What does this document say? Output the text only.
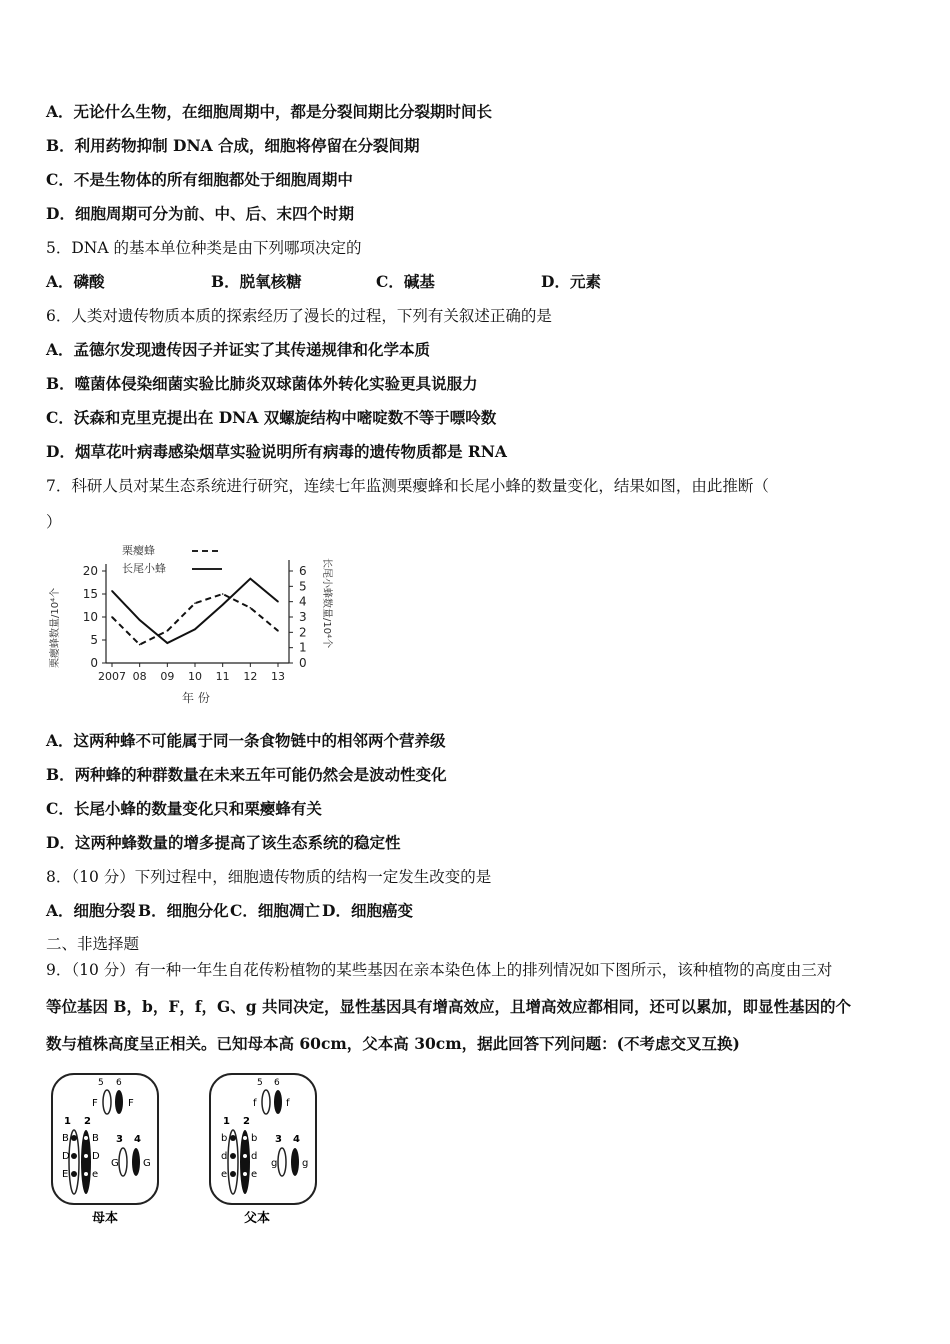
A．无论什么生物，在细胞周期中，都是分裂间期比分裂期时间长
B．利用药物抑制 DNA 合成，细胞将停留在分裂间期
C．不是生物体的所有细胞都处于细胞周期中
D．细胞周期可分为前、中、后、末四个时期
5．DNA 的基本单位种类是由下列哪项决定的
A．磷酸	B．脱氧核糖	C．碱基	D．元素
6．人类对遗传物质本质的探索经历了漫长的过程，下列有关叙述正确的是
A．孟德尔发现遗传因子并证实了其传递规律和化学本质
B．噬菌体侵染细菌实验比肺炎双球菌体外转化实验更具说服力
C．沃森和克里克提出在 DNA 双螺旋结构中嘧啶数不等于嘌呤数
D．烟草花叶病毒感染烟草实验说明所有病毒的遗传物质都是 RNA
7．科研人员对某生态系统进行研究，连续七年监测栗瘿蜂和长尾小蜂的数量变化，结果如图，由此推断（
）
栗瘿蜂
长尾小蜂
栗瘿蜂数量/10⁴个	长尾小蜂数量/10⁴个
年 份
0
5
10
15
20
0
1
2
3
4
5
6
2007 08 09 10 11 12 13
A．这两种蜂不可能属于同一条食物链中的相邻两个营养级
B．两种蜂的种群数量在未来五年可能仍然会是波动性变化
C．长尾小蜂的数量变化只和栗瘿蜂有关
D．这两种蜂数量的增多提高了该生态系统的稳定性
8．（10 分）下列过程中，细胞遗传物质的结构一定发生改变的是
A．细胞分裂 B．细胞分化C．细胞凋亡 D．细胞癌变
二、非选择题
9．（10 分）有一种一年生自花传粉植物的某些基因在亲本染色体上的排列情况如下图所示，该种植物的高度由三对
等位基因 B，b，F，f，G、g 共同决定，显性基因具有增高效应，且增高效应都相同，还可以累加，即显性基因的个
数与植株高度呈正相关。已知母本高 60cm，父本高 30cm，据此回答下列问题：(不考虑交叉互换)
5 6
F	F
1 2
B
D
E
B
D
e
3 4
G G
母本
5 6
f	f
1 2
b
d
e
b
d
e
3 4
g g
父本
